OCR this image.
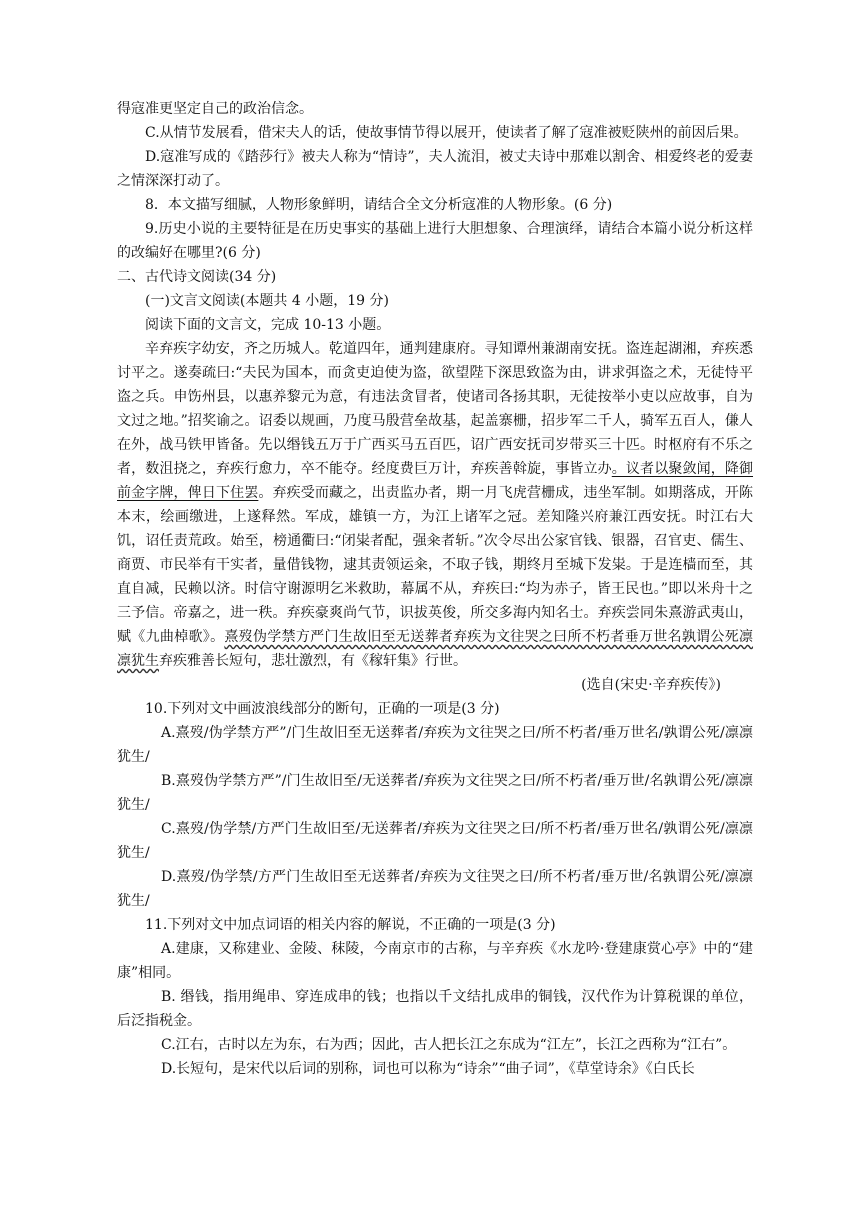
得寇准更坚定自己的政治信念。

C.从情节发展看，借宋夫人的话，使故事情节得以展开，使读者了解了寇准被贬陕州的前因后果。

D.寇准写成的《踏莎行》被夫人称为“情诗”，夫人流泪，被丈夫诗中那难以割舍、相爱终老的爱妻之情深深打动了。

8．本文描写细腻，人物形象鲜明，请结合全文分析寇准的人物形象。(6 分)

9.历史小说的主要特征是在历史事实的基础上进行大胆想象、合理演绎，请结合本篇小说分析这样的改编好在哪里?(6 分)

二、古代诗文阅读(34 分)

(一)文言文阅读(本题共 4 小题，19 分)

阅读下面的文言文，完成 10-13 小题。

辛弃疾字幼安，齐之历城人。乾道四年，通判建康府。寻知谭州兼湖南安抚。盗连起湖湘，弃疾悉讨平之。遂奏疏曰:“夫民为国本，而贪吏迫使为盗，欲望陛下深思致盗为由，讲求弭盗之术，无徒恃平盗之兵。申饬州县，以惠养黎元为意，有违法贪冒者，使诸司各扬其职，无徒按举小吏以应故事，自为文过之地。”招奖谕之。诏委以规画，乃度马殷营垒故基，起盖寨栅，招步军二千人，骑军五百人，傔人在外，战马铁甲皆备。先以缗钱五万于广西买马五百匹，诏广西安抚司岁带买三十匹。时枢府有不乐之者，数沮挠之，弃疾行愈力，卒不能夺。经度费巨万计，弃疾善斡旋，事皆立办。议者以聚敛闻，降御前金字牌，俾日下住罢。弃疾受而藏之，出责监办者，期一月飞虎营栅成，违坐军制。如期落成，开陈本末，绘画缴进，上遂释然。军成，雄镇一方，为江上诸军之冠。差知隆兴府兼江西安抚。时江右大饥，诏任责荒政。始至，榜通衢曰:“闭粜者配，强籴者斩。”次令尽出公家官钱、银器，召官吏、儒生、商贾、市民举有干实者，量借钱物，逮其责领运籴，不取子钱，期终月至城下发粜。于是连樯而至，其直自减，民赖以济。时信守谢源明乞米救助，幕属不从，弃疾曰:“均为赤子，皆王民也。”即以米舟十之三予信。帝嘉之，进一秩。弃疾豪爽尚气节，识拔英俊，所交多海内知名士。弃疾尝同朱熹游武夷山，赋《九曲棹歌》。熹歿伪学禁方严门生故旧至无送葬者弃疾为文往哭之曰所不朽者垂万世名孰谓公死凛凛犹生弃疾雅善长短句，悲壮激烈，有《稼轩集》行世。

(选自(宋史·辛弃疾传》)

10.下列对文中画波浪线部分的断句，正确的一项是(3 分)

A.熹歿/伪学禁方严”/门生故旧至无送葬者/弃疾为文往哭之曰/所不朽者/垂万世名/孰谓公死/凛凛犹生/

B.熹歿伪学禁方严”/门生故旧至/无送葬者/弃疾为文往哭之曰/所不朽者/垂万世/名孰谓公死/凛凛犹生/

C.熹歿/伪学禁/方严门生故旧至/无送葬者/弃疾为文往哭之曰/所不朽者/垂万世名/孰谓公死/凛凛犹生/

D.熹歿/伪学禁/方严门生故旧至无送葬者/弃疾为文往哭之曰/所不朽者/垂万世/名孰谓公死/凛凛犹生/

11.下列对文中加点词语的相关内容的解说，不正确的一项是(3 分)

A.建康，又称建业、金陵、秣陵，今南京市的古称，与辛弃疾《水龙吟·登建康赏心亭》中的“建康”相同。

B. 缗钱，指用绳串、穿连成串的钱；也指以千文结扎成串的铜钱，汉代作为计算税课的单位，后泛指税金。

C.江右，古时以左为东，右为西；因此，古人把长江之东成为“江左”，长江之西称为“江右”。

D.长短句，是宋代以后词的别称，词也可以称为“诗余”“曲子词”，《草堂诗余》《白氏长
